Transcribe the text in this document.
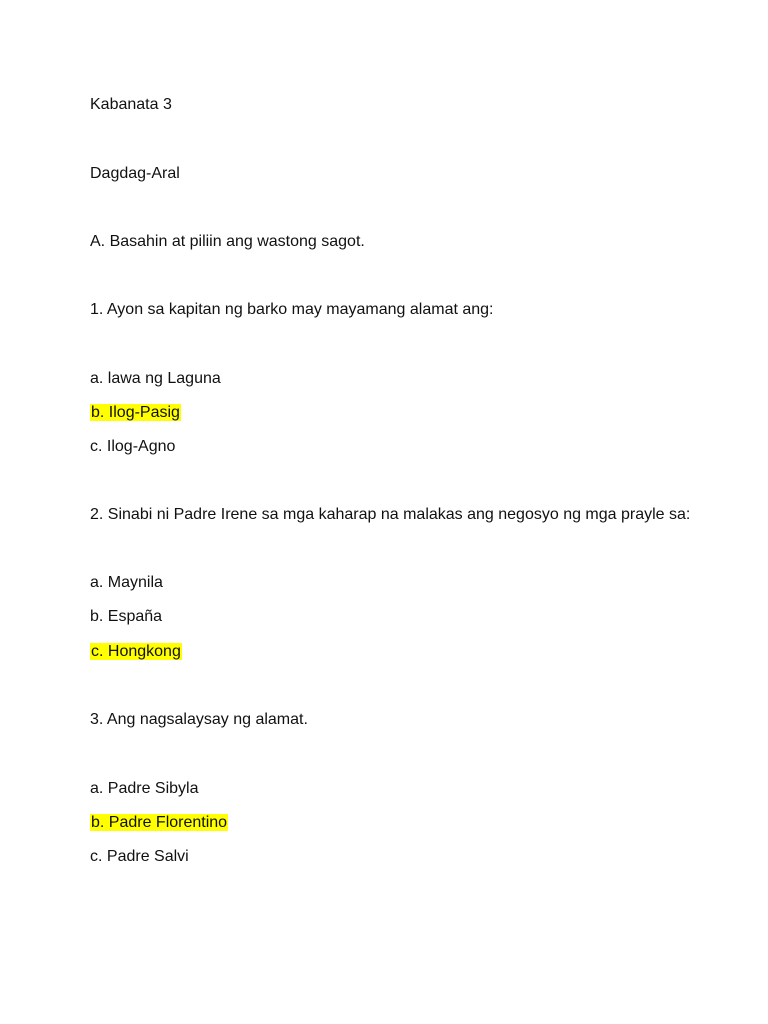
Kabanata 3
Dagdag-Aral
A. Basahin at piliin ang wastong sagot.
1. Ayon sa kapitan ng barko may mayamang alamat ang:
a. lawa ng Laguna
b. Ilog-Pasig
c. Ilog-Agno
2. Sinabi ni Padre Irene sa mga kaharap na malakas ang negosyo ng mga prayle sa:
a. Maynila
b. España
c. Hongkong
3. Ang nagsalaysay ng alamat.
a. Padre Sibyla
b. Padre Florentino
c. Padre Salvi
